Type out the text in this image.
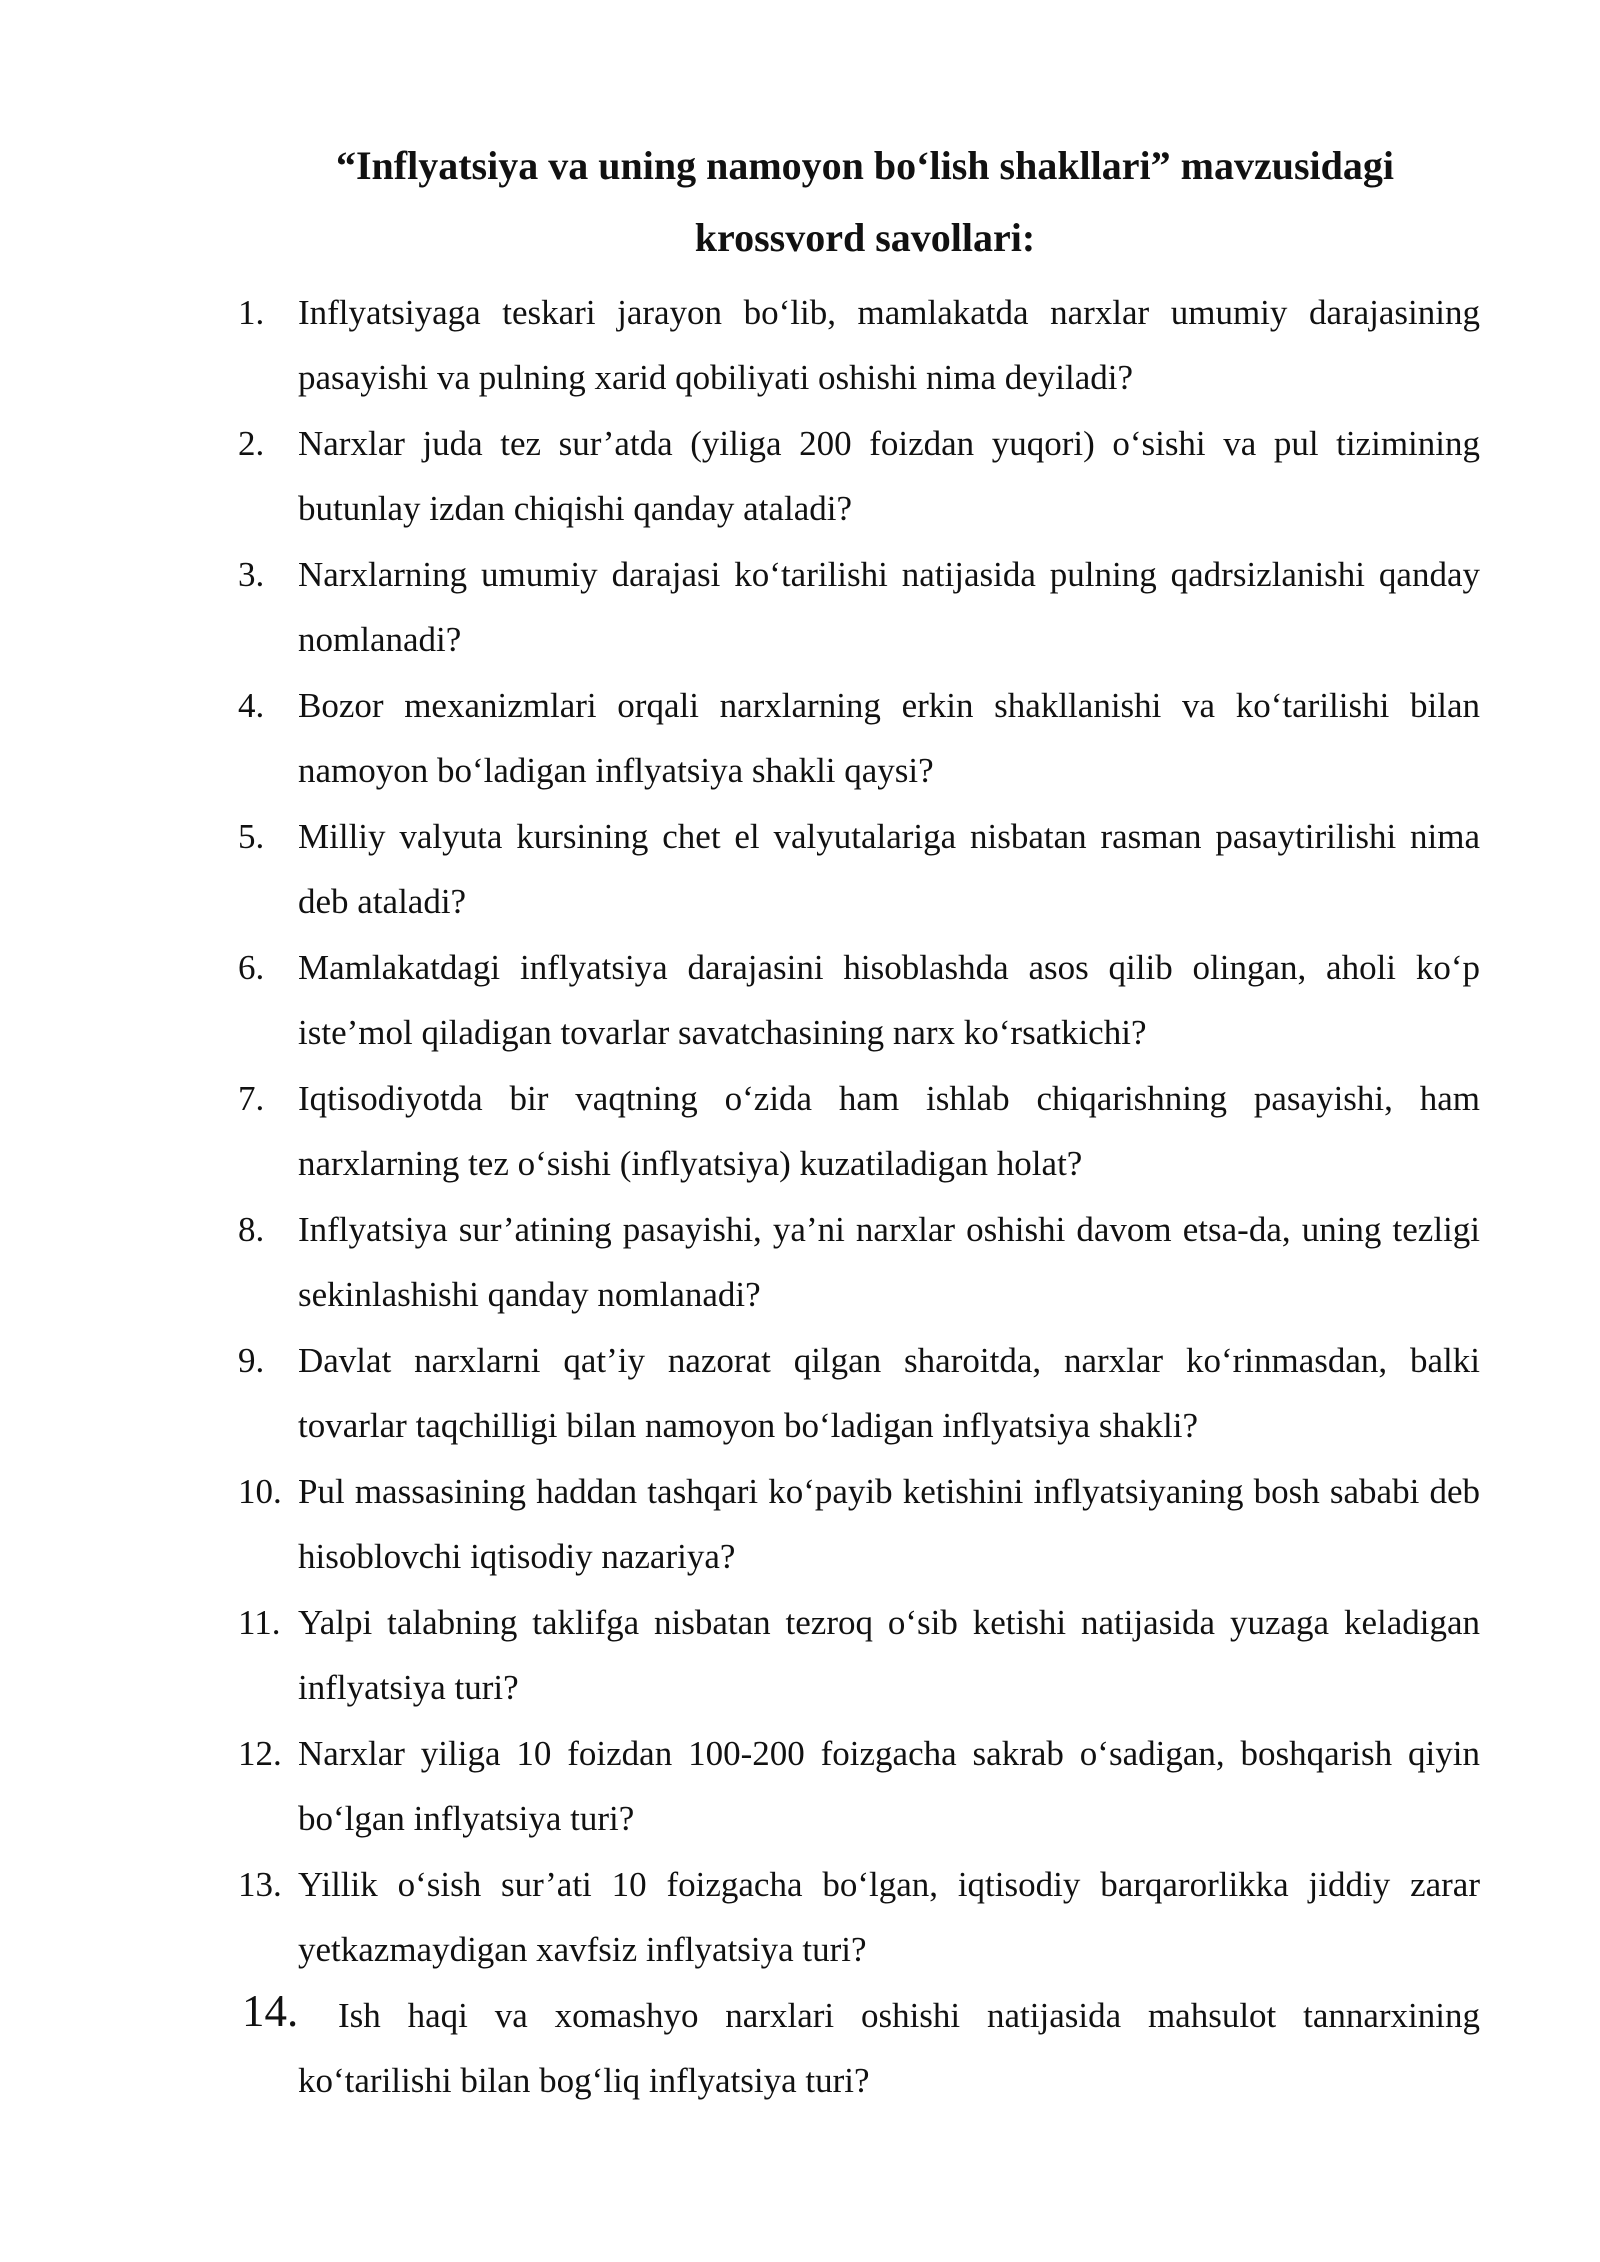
“Inflyatsiya va uning namoyon bo‘lish shakllari” mavzusidagi
krossvord savollari:
1. Inflyatsiyaga teskari jarayon bo‘lib, mamlakatda narxlar umumiy darajasining pasayishi va pulning xarid qobiliyati oshishi nima deyiladi?
2. Narxlar juda tez sur’atda (yiliga 200 foizdan yuqori) o‘sishi va pul tizimining butunlay izdan chiqishi qanday ataladi?
3. Narxlarning umumiy darajasi ko‘tarilishi natijasida pulning qadrsizlanishi qanday nomlanadi?
4. Bozor mexanizmlari orqali narxlarning erkin shakllanishi va ko‘tarilishi bilan namoyon bo‘ladigan inflyatsiya shakli qaysi?
5. Milliy valyuta kursining chet el valyutalariga nisbatan rasman pasaytirilishi nima deb ataladi?
6. Mamlakatdagi inflyatsiya darajasini hisoblashda asos qilib olingan, aholi ko‘p iste’mol qiladigan tovarlar savatchasining narx ko‘rsatkichi?
7. Iqtisodiyotda bir vaqtning o‘zida ham ishlab chiqarishning pasayishi, ham narxlarning tez o‘sishi (inflyatsiya) kuzatiladigan holat?
8. Inflyatsiya sur’atining pasayishi, ya’ni narxlar oshishi davom etsa-da, uning tezligi sekinlashishi qanday nomlanadi?
9. Davlat narxlarni qat’iy nazorat qilgan sharoitda, narxlar ko‘rinmasdan, balki tovarlar taqchilligi bilan namoyon bo‘ladigan inflyatsiya shakli?
10. Pul massasining haddan tashqari ko‘payib ketishini inflyatsiyaning bosh sababi deb hisoblovchi iqtisodiy nazariya?
11. Yalpi talabning taklifga nisbatan tezroq o‘sib ketishi natijasida yuzaga keladigan inflyatsiya turi?
12. Narxlar yiliga 10 foizdan 100-200 foizgacha sakrab o‘sadigan, boshqarish qiyin bo‘lgan inflyatsiya turi?
13. Yillik o‘sish sur’ati 10 foizgacha bo‘lgan, iqtisodiy barqarorlikka jiddiy zarar yetkazmaydigan xavfsiz inflyatsiya turi?
14.	Ish haqi va xomashyo narxlari oshishi natijasida mahsulot tannarxining ko‘tarilishi bilan bog‘liq inflyatsiya turi?
